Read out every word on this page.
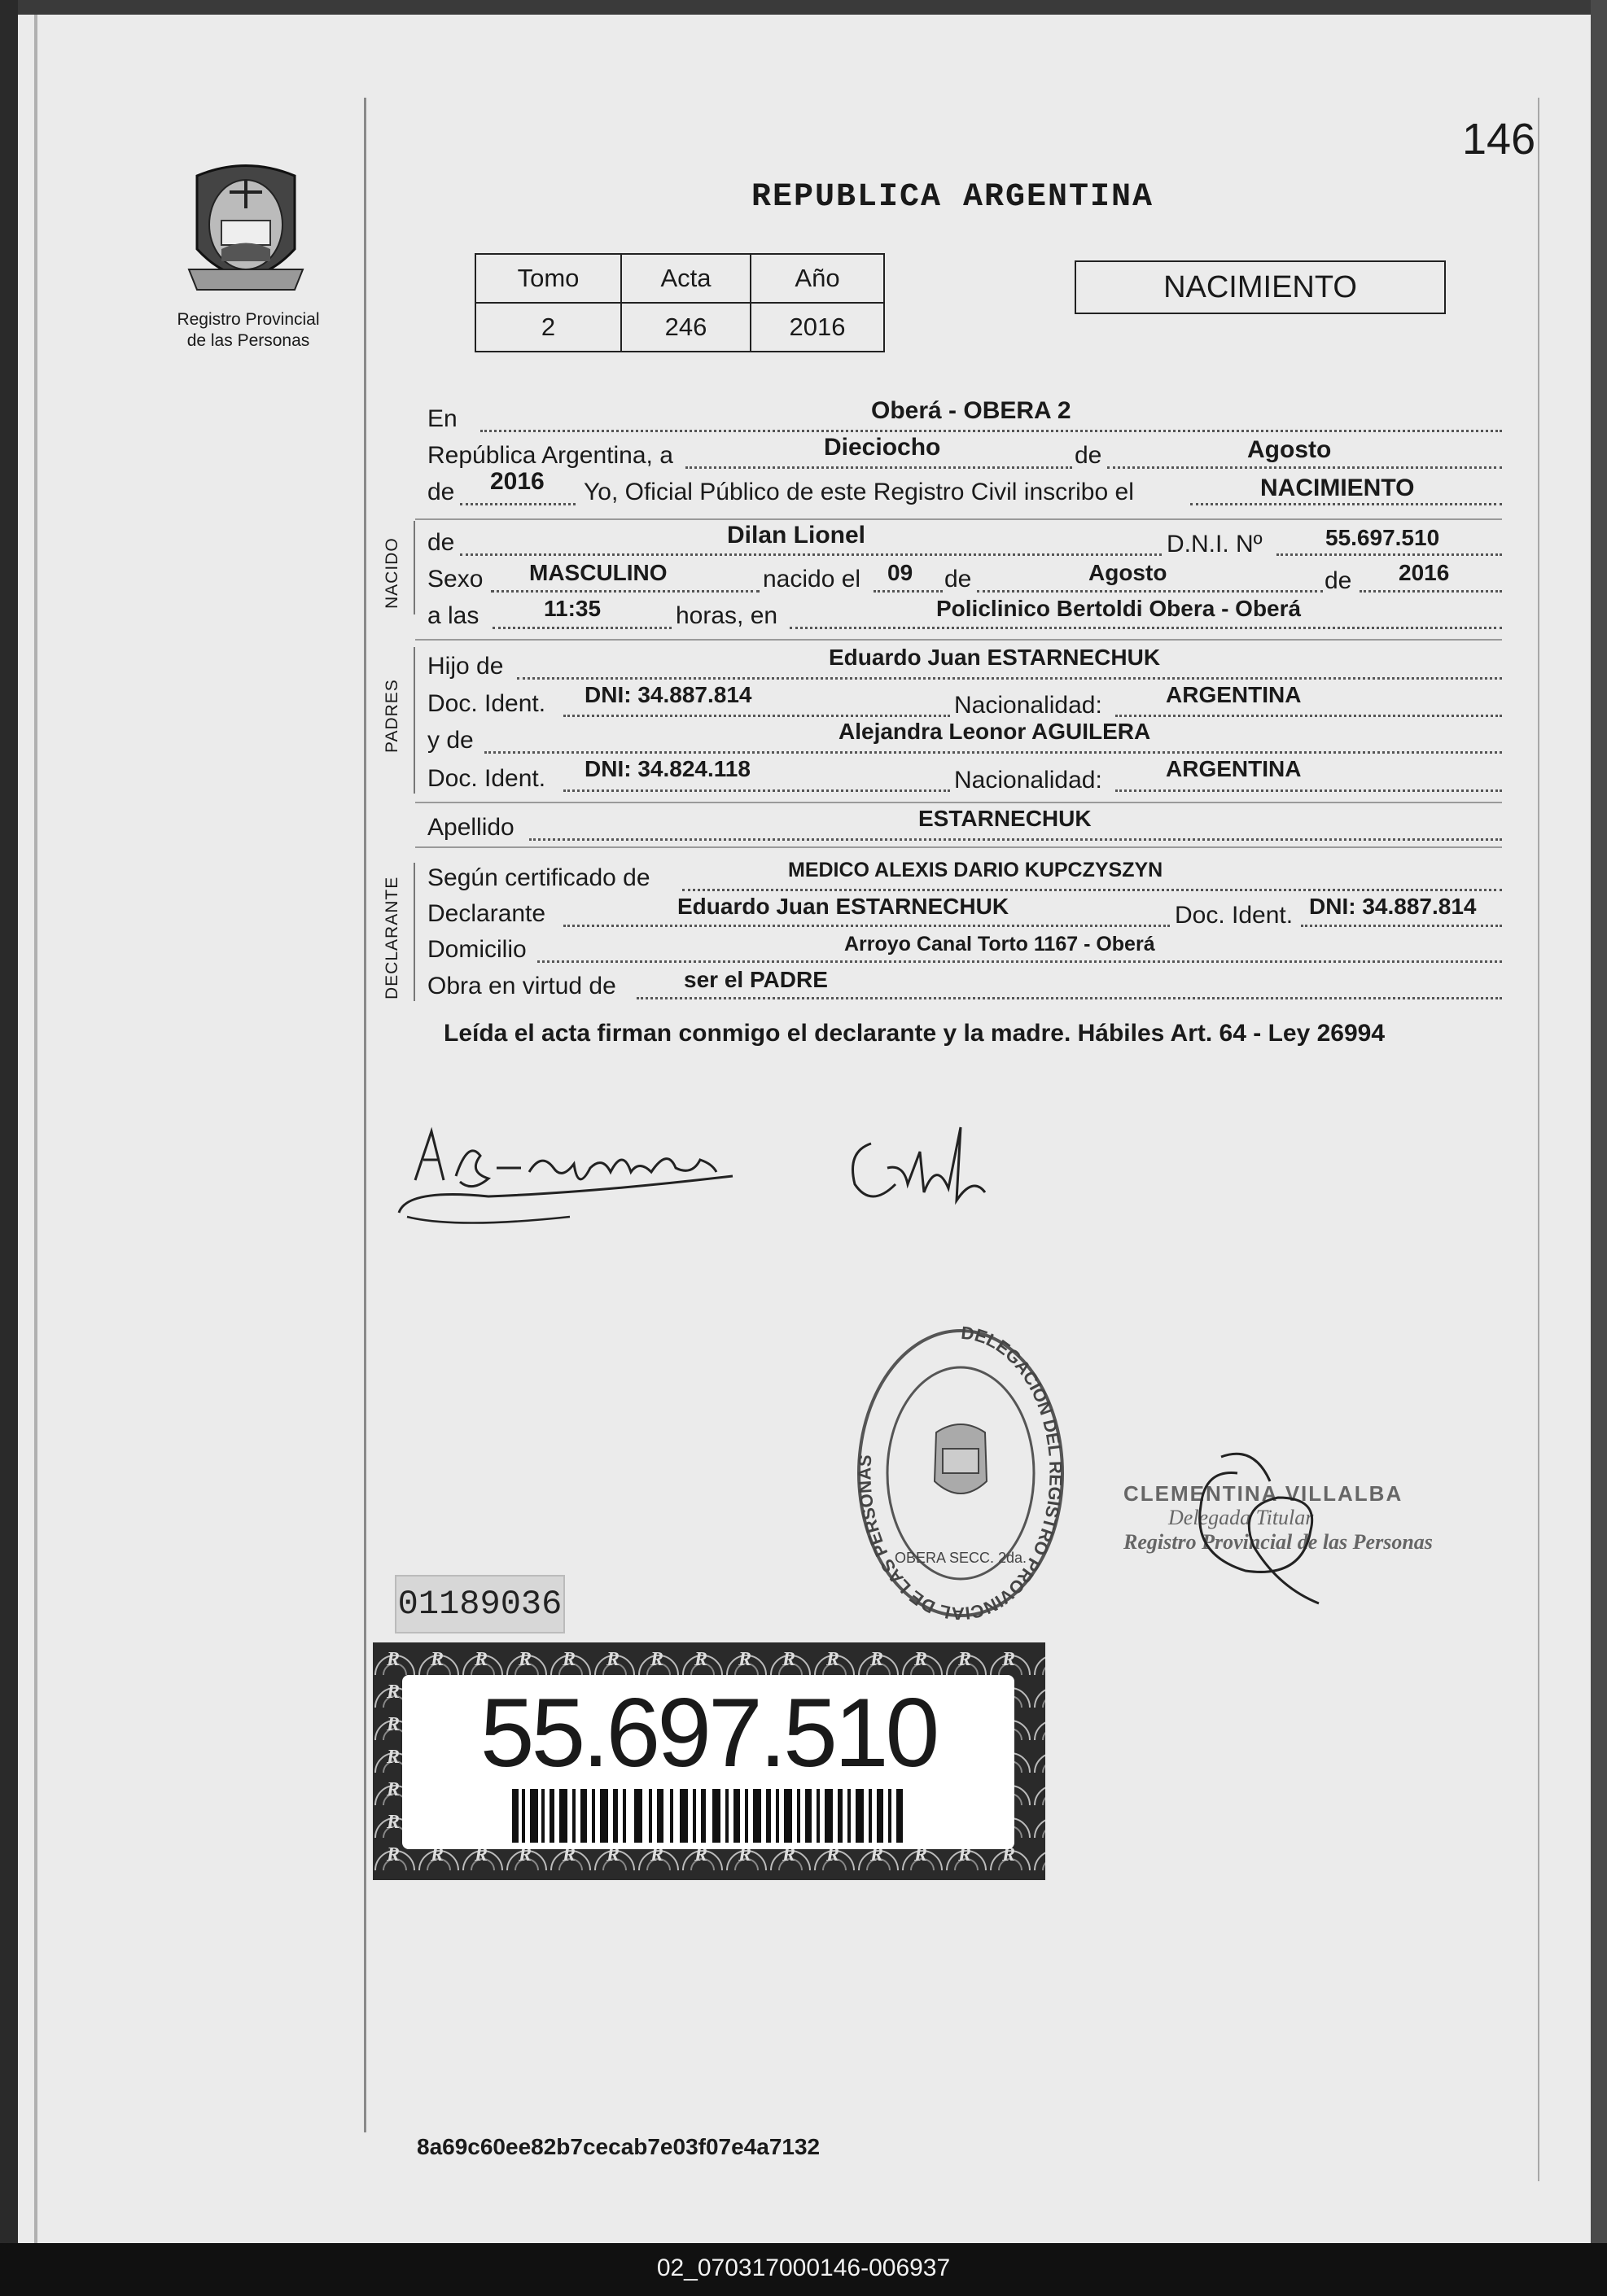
Registro Provincial
de las Personas
146
REPUBLICA ARGENTINA
Tomo	Acta	Año
2	246	2016
NACIMIENTO
En	Oberá - OBERA 2
República Argentina, a	Dieciocho	de	Agosto
de 2016 Yo, Oficial Público de este Registro Civil inscribo el	NACIMIENTO
NACIDO de	Dilan Lionel	D.N.I. Nº	55.697.510
Sexo MASCULINO	nacido el 09 de	Agosto	de 2016
a las	11:35	horas, en	Policlinico Bertoldi Obera - Oberá
PADRES
Hijo de	Eduardo Juan ESTARNECHUK
Doc. Ident. DNI: 34.887.814	Nacionalidad:	ARGENTINA
y de	Alejandra Leonor AGUILERA
Doc. Ident. DNI: 34.824.118	Nacionalidad:	ARGENTINA
Apellido	ESTARNECHUK
DECLARANTE Según certificado de	MEDICO ALEXIS DARIO KUPCZYSZYN
Declarante	Eduardo Juan ESTARNECHUK	Doc. Ident. DNI: 34.887.814
Domicilio	Arroyo Canal Torto 1167 - Oberá
Obra en virtud de	ser el PADRE
Leída el acta firman conmigo el declarante y la madre. Hábiles Art. 64 - Ley 26994
DELEGACION DEL REGISTRO PROVINCIAL DE LAS PERSONAS
OBERA SECC. 2da.
CLEMENTINA VILLALBA
Delegada Titular
Registro Provincial de las Personas
01189036
55.697.510
8a69c60ee82b7cecab7e03f07e4a7132
02_070317000146-006937
